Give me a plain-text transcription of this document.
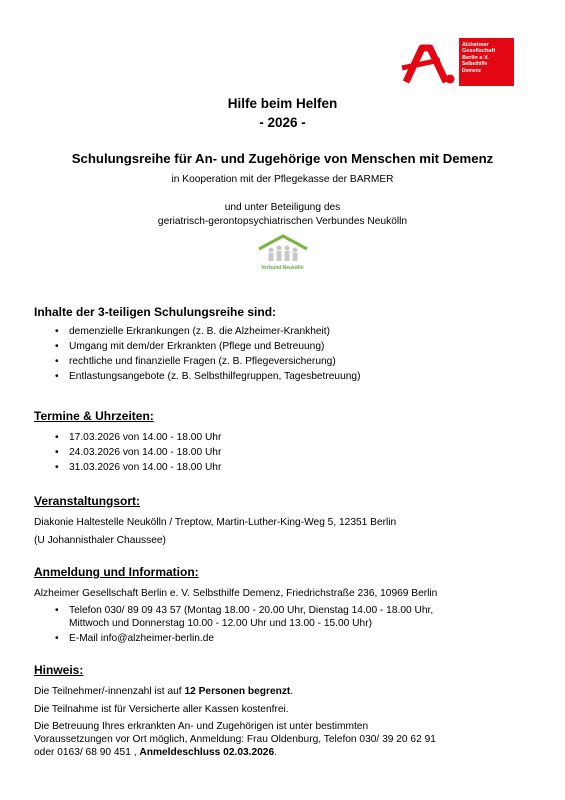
Alzheimer
Gesellschaft
Berlin e.V.
Selbsthilfe
Demenz
Hilfe beim Helfen
- 2026 -
Schulungsreihe für An- und Zugehörige von Menschen mit Demenz
in Kooperation mit der Pflegekasse der BARMER
und unter Beteiligung des
geriatrisch-gerontopsychiatrischen Verbundes Neukölln
Verbund Neukölln
Inhalte der 3-teiligen Schulungsreihe sind:
• demenzielle Erkrankungen (z. B. die Alzheimer-Krankheit)
• Umgang mit dem/der Erkrankten (Pflege und Betreuung)
• rechtliche und finanzielle Fragen (z. B. Pflegeversicherung)
• Entlastungsangebote (z. B. Selbsthilfegruppen, Tagesbetreuung)
Termine & Uhrzeiten:
• 17.03.2026 von 14.00 - 18.00 Uhr
• 24.03.2026 von 14.00 - 18.00 Uhr
• 31.03.2026 von 14.00 - 18.00 Uhr
Veranstaltungsort:
Diakonie Haltestelle Neukölln / Treptow, Martin-Luther-King-Weg 5, 12351 Berlin
(U Johannisthaler Chaussee)
Anmeldung und Information:
Alzheimer Gesellschaft Berlin e. V. Selbsthilfe Demenz, Friedrichstraße 236, 10969 Berlin
• Telefon 030/ 89 09 43 57 (Montag 18.00 - 20.00 Uhr, Dienstag 14.00 - 18.00 Uhr,
Mittwoch und Donnerstag 10.00 - 12.00 Uhr und 13.00 - 15.00 Uhr)
• E-Mail info@alzheimer-berlin.de
Hinweis:
Die Teilnehmer/-innenzahl ist auf 12 Personen begrenzt.
Die Teilnahme ist für Versicherte aller Kassen kostenfrei.
Die Betreuung Ihres erkrankten An- und Zugehörigen ist unter bestimmten
Voraussetzungen vor Ort möglich, Anmeldung: Frau Oldenburg, Telefon 030/ 39 20 62 91
oder 0163/ 68 90 451 , Anmeldeschluss 02.03.2026.
